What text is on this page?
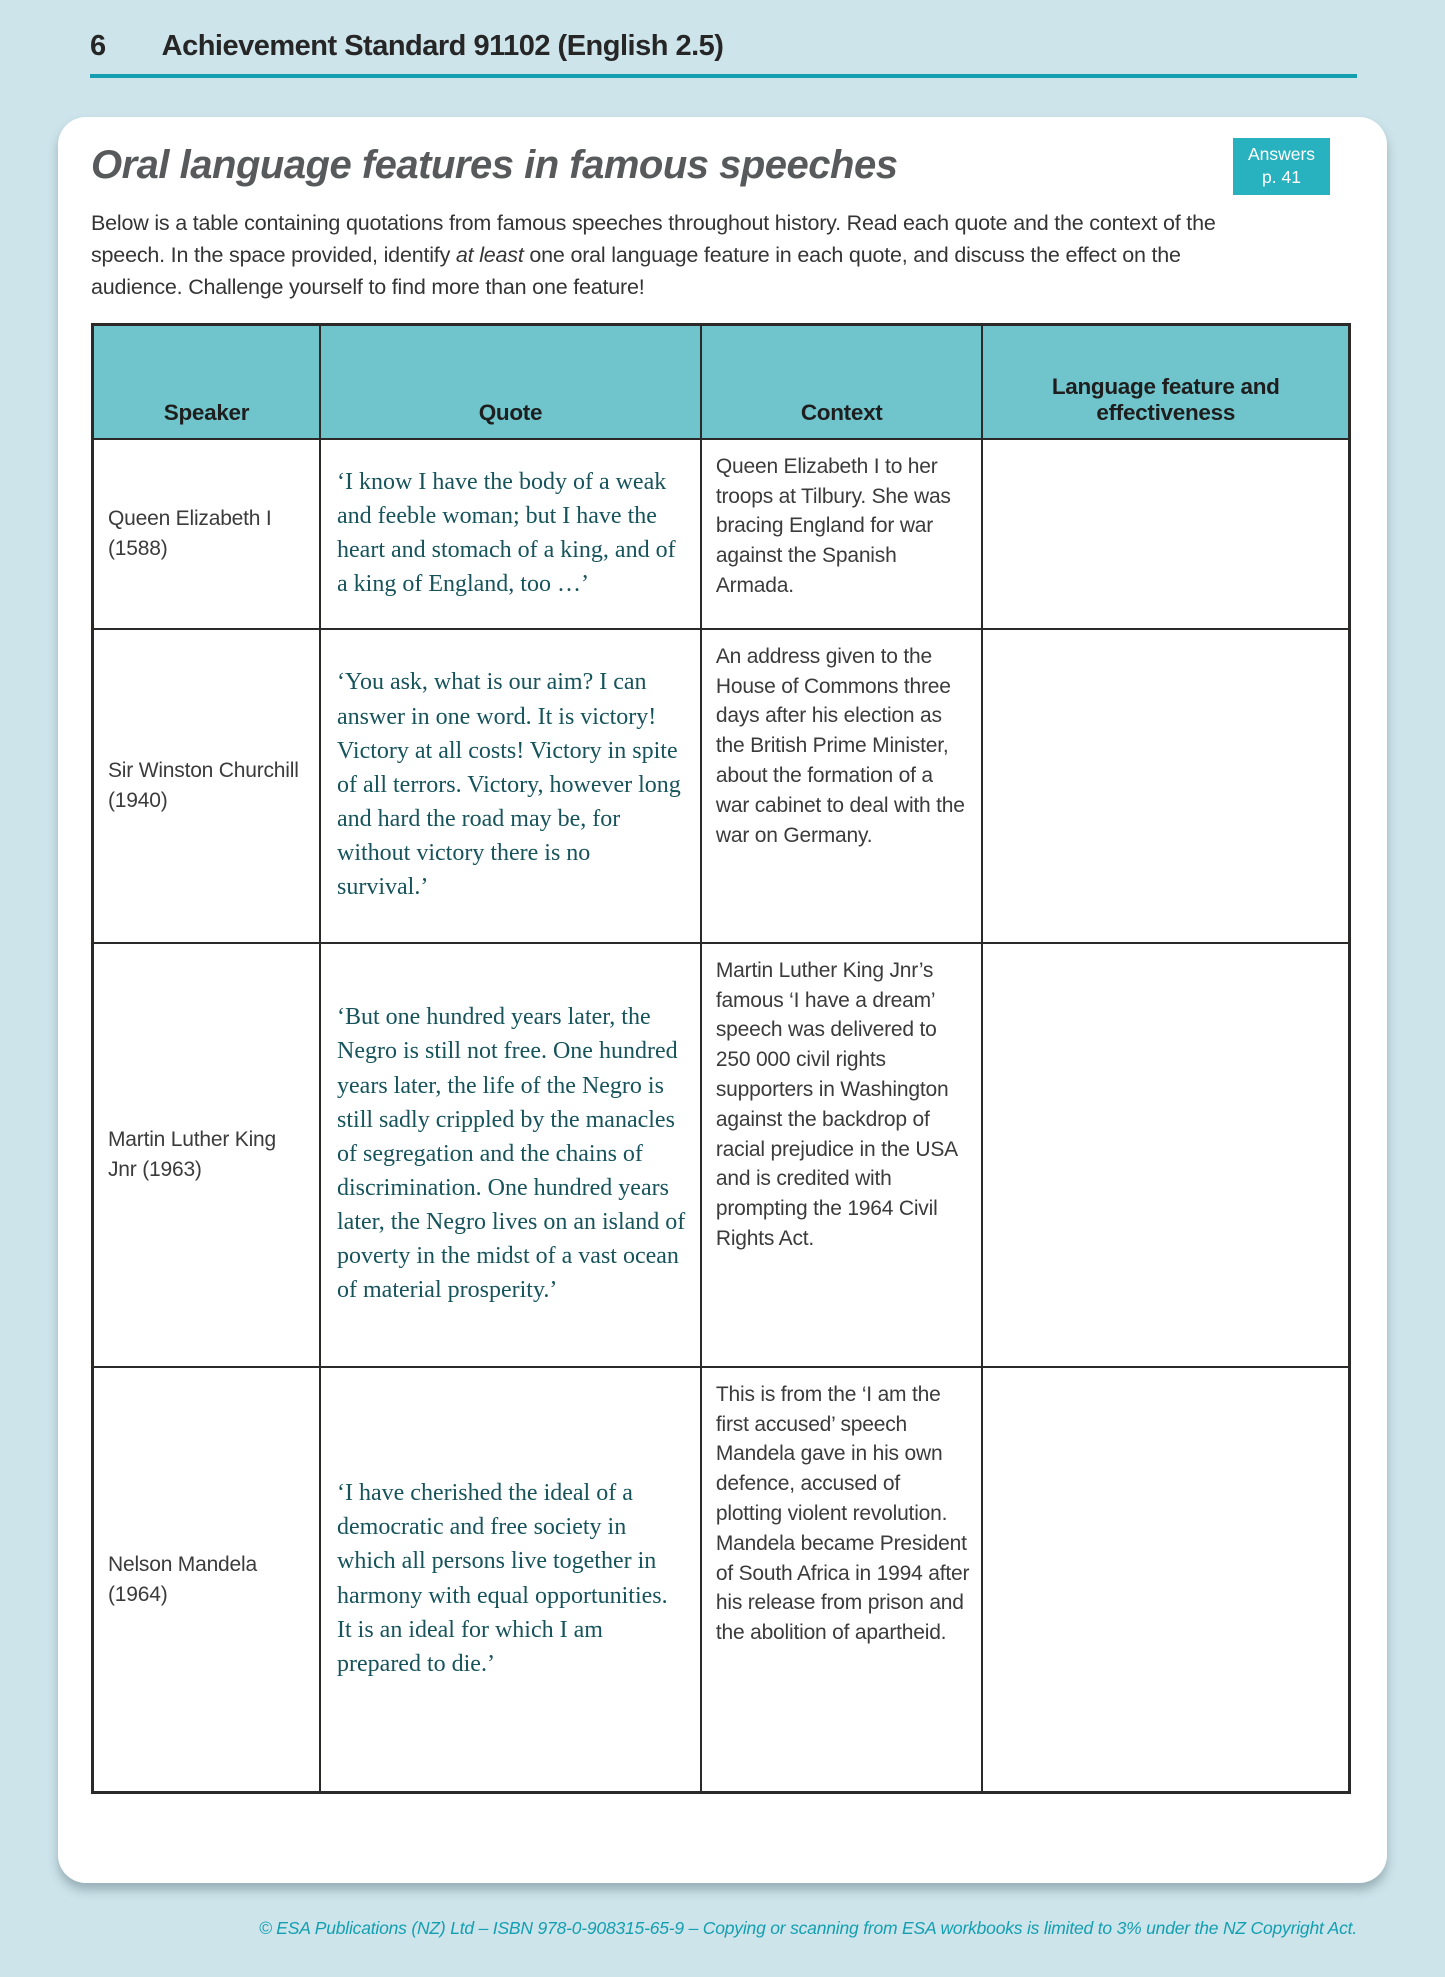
6 Achievement Standard 91102 (English 2.5)
Oral language features in famous speeches	Answers
p. 41

Below is a table containing quotations from famous speeches throughout history. Read each quote and the context of the speech. In the space provided, identify at least one oral language feature in each quote, and discuss the effect on the audience. Challenge yourself to find more than one feature!

Speaker	Quote	Context	Language feature and effectiveness
Queen Elizabeth I (1588)	‘I know I have the body of a weak and feeble woman; but I have the heart and stomach of a king, and of a king of England, too …’	Queen Elizabeth I to her troops at Tilbury. She was bracing England for war against the Spanish Armada.	
Sir Winston Churchill (1940)	‘You ask, what is our aim? I can answer in one word. It is victory! Victory at all costs! Victory in spite of all terrors. Victory, however long and hard the road may be, for without victory there is no survival.’	An address given to the House of Commons three days after his election as the British Prime Minister, about the formation of a war cabinet to deal with the war on Germany.	
Martin Luther King Jnr (1963)	‘But one hundred years later, the Negro is still not free. One hundred years later, the life of the Negro is still sadly crippled by the manacles of segregation and the chains of discrimination. One hundred years later, the Negro lives on an island of poverty in the midst of a vast ocean of material prosperity.’	Martin Luther King Jnr’s famous ‘I have a dream’ speech was delivered to 250 000 civil rights supporters in Washington against the backdrop of racial prejudice in the USA and is credited with prompting the 1964 Civil Rights Act.	
Nelson Mandela (1964)	‘I have cherished the ideal of a democratic and free society in which all persons live together in harmony with equal opportunities. It is an ideal for which I am prepared to die.’	This is from the ‘I am the first accused’ speech Mandela gave in his own defence, accused of plotting violent revolution. Mandela became President of South Africa in 1994 after his release from prison and the abolition of apartheid.	
© ESA Publications (NZ) Ltd – ISBN 978-0-908315-65-9 – Copying or scanning from ESA workbooks is limited to 3% under the NZ Copyright Act.
